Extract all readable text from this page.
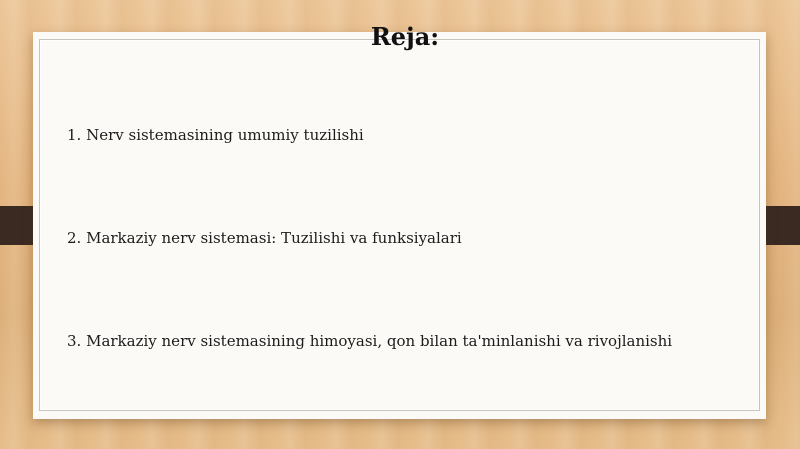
Reja:
1. Nerv sistemasining umumiy tuzilishi
2. Markaziy nerv sistemasi: Tuzilishi va funksiyalari
3. Markaziy nerv sistemasining himoyasi, qon bilan ta'minlanishi va rivojlanishi
